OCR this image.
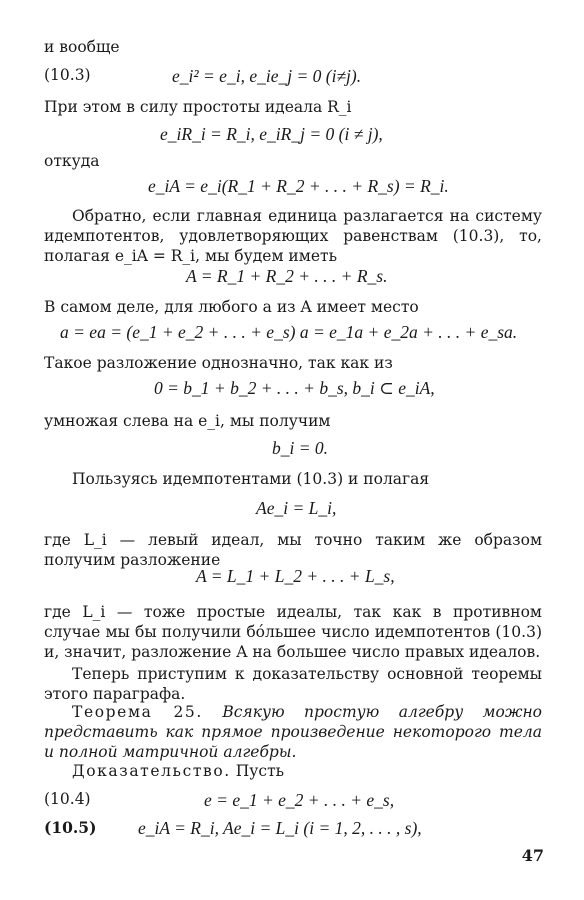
и вообще
(10.3)	e_i² = e_i, e_ie_j = 0 (i≠j).
При этом в силу простоты идеала R_i
e_iR_i = R_i, e_iR_j = 0 (i ≠ j),
откуда
e_iA = e_i(R_1 + R_2 + . . . + R_s) = R_i.
Обратно, если главная единица разлагается на систему идемпотентов, удовлетворяющих равенствам (10.3), то, полагая e_iA = R_i, мы будем иметь
A = R_1 + R_2 + . . . + R_s.
В самом деле, для любого a из A имеет место
a = ea = (e_1 + e_2 + . . . + e_s) a = e_1a + e_2a + . . . + e_sa.
Такое разложение однозначно, так как из
0 = b_1 + b_2 + . . . + b_s, b_i ⊂ e_iA,
умножая слева на e_i, мы получим
b_i = 0.
Пользуясь идемпотентами (10.3) и полагая
Ae_i = L_i,
где L_i — левый идеал, мы точно таким же образом получим разложение
A = L_1 + L_2 + . . . + L_s,
где L_i — тоже простые идеалы, так как в противном случае мы бы получили бо́льшее число идемпотентов (10.3) и, значит, разложение A на большее число правых идеалов.
Теперь приступим к доказательству основной теоремы этого параграфа.
Теорема 25. Всякую простую алгебру можно представить как прямое произведение некоторого тела и полной матричной алгебры.
Доказательство. Пусть
(10.4)	e = e_1 + e_2 + . . . + e_s,
(10.5) e_iA = R_i, Ae_i = L_i (i = 1, 2, . . . , s),
47
